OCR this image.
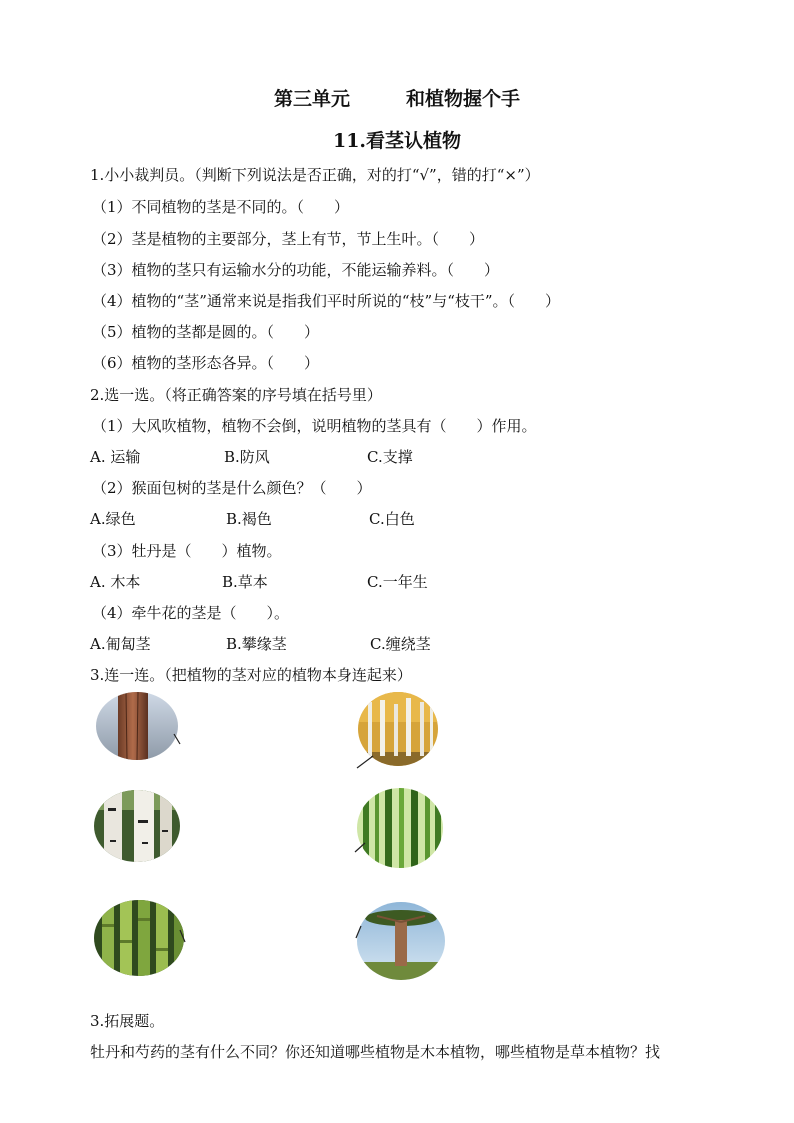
第三单元	和植物握个手
11.看茎认植物
1.小小裁判员。（判断下列说法是否正确，对的打“√”，错的打“×”）
（1）不同植物的茎是不同的。（　　）
（2）茎是植物的主要部分，茎上有节，节上生叶。（　　）
（3）植物的茎只有运输水分的功能，不能运输养料。（　　）
（4）植物的“茎”通常来说是指我们平时所说的“枝”与“枝干”。（　　）
（5）植物的茎都是圆的。（　　）
（6）植物的茎形态各异。（　　）
2.选一选。（将正确答案的序号填在括号里）
（1）大风吹植物，植物不会倒，说明植物的茎具有（　　）作用。
A. 运输	B.防风	C.支撑
（2）猴面包树的茎是什么颜色？（　　）
A.绿色	B.褐色	C.白色
（3）牡丹是（　　）植物。
A. 木本	B.草本	C.一年生
（4）牵牛花的茎是（　　）。
A.匍匐茎	B.攀缘茎	C.缠绕茎
3.连一连。（把植物的茎对应的植物本身连起来）
3.拓展题。
牡丹和芍药的茎有什么不同？你还知道哪些植物是木本植物，哪些植物是草本植物？找
